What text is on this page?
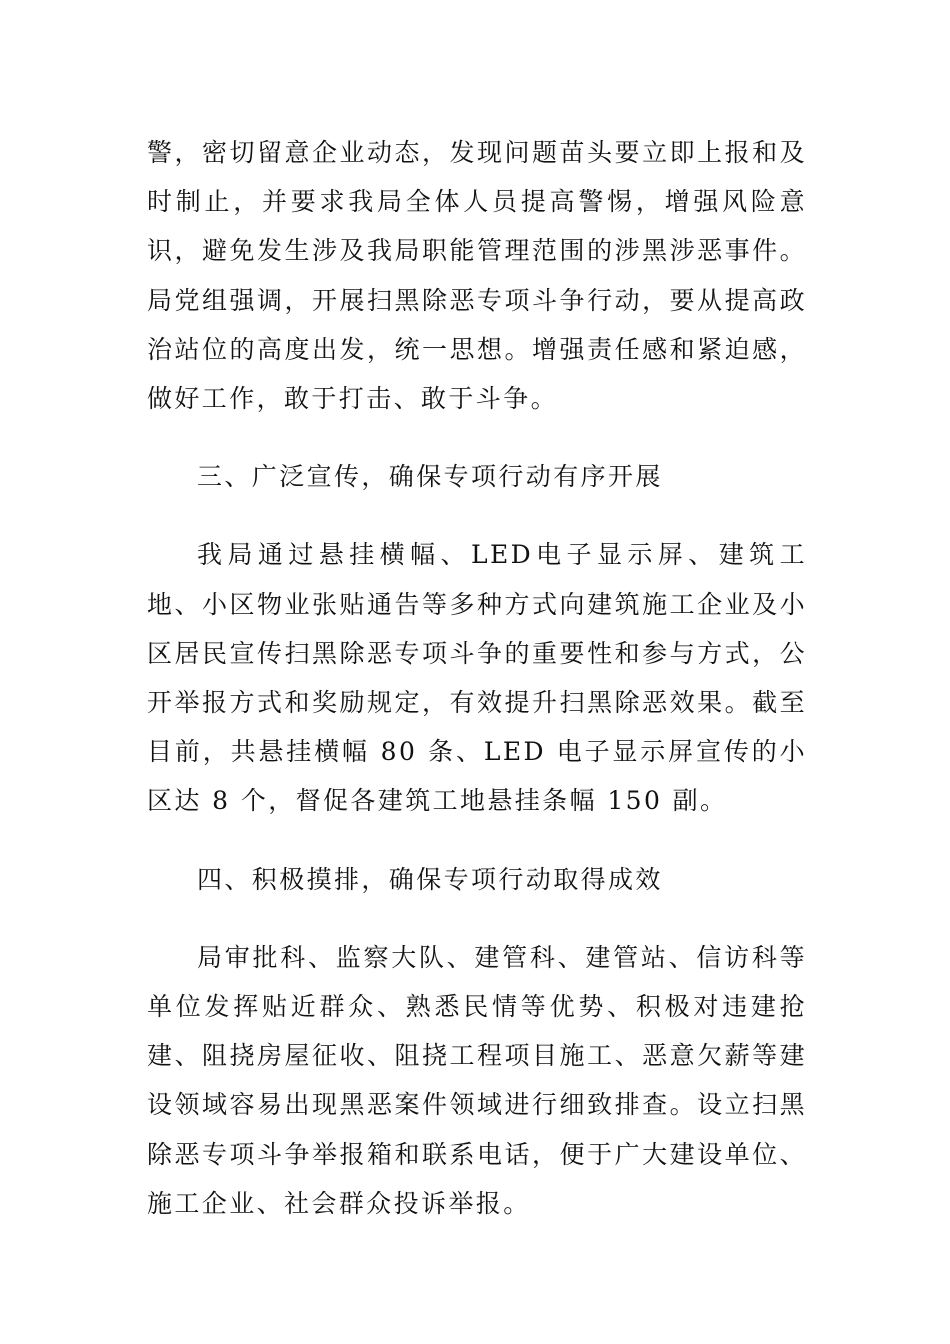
警，密切留意企业动态，发现问题苗头要立即上报和及时制止，并要求我局全体人员提高警惕，增强风险意识，避免发生涉及我局职能管理范围的涉黑涉恶事件。局党组强调，开展扫黑除恶专项斗争行动，要从提高政治站位的高度出发，统一思想。增强责任感和紧迫感，做好工作，敢于打击、敢于斗争。

三、广泛宣传，确保专项行动有序开展

我局通过悬挂横幅、LED电子显示屏、建筑工地、小区物业张贴通告等多种方式向建筑施工企业及小区居民宣传扫黑除恶专项斗争的重要性和参与方式，公开举报方式和奖励规定，有效提升扫黑除恶效果。截至目前，共悬挂横幅 80 条、LED 电子显示屏宣传的小区达 8 个，督促各建筑工地悬挂条幅 150 副。

四、积极摸排，确保专项行动取得成效

局审批科、监察大队、建管科、建管站、信访科等单位发挥贴近群众、熟悉民情等优势、积极对违建抢建、阻挠房屋征收、阻挠工程项目施工、恶意欠薪等建设领域容易出现黑恶案件领域进行细致排查。设立扫黑除恶专项斗争举报箱和联系电话，便于广大建设单位、施工企业、社会群众投诉举报。
